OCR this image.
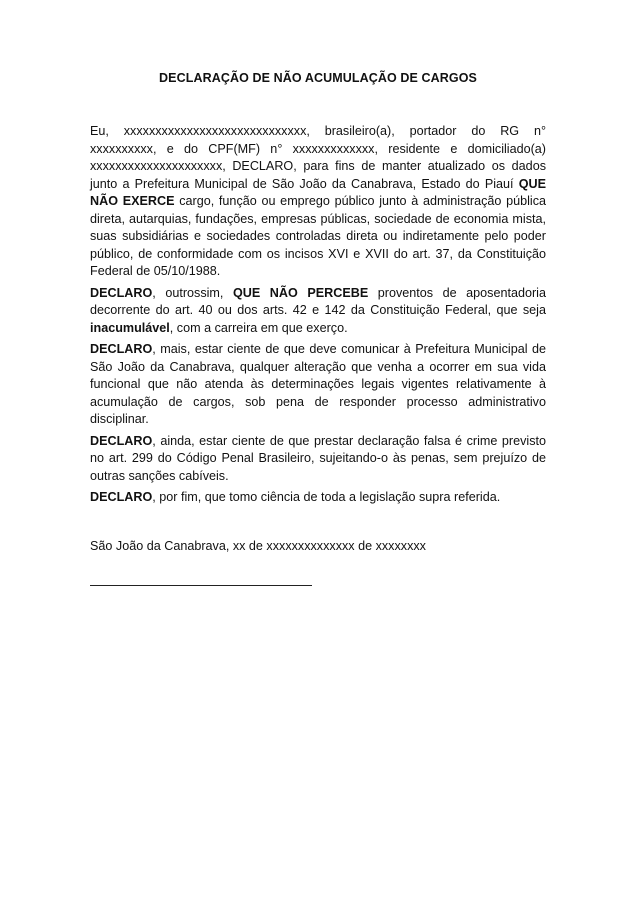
DECLARAÇÃO DE NÃO ACUMULAÇÃO DE CARGOS

Eu, xxxxxxxxxxxxxxxxxxxxxxxxxxxxx, brasileiro(a), portador do RG n° xxxxxxxxxx, e do CPF(MF) n° xxxxxxxxxxxxx, residente e domiciliado(a) xxxxxxxxxxxxxxxxxxxxx, DECLARO, para fins de manter atualizado os dados junto a Prefeitura Municipal de São João da Canabrava, Estado do Piauí QUE NÃO EXERCE cargo, função ou emprego público junto à administração pública direta, autarquias, fundações, empresas públicas, sociedade de economia mista, suas subsidiárias e sociedades controladas direta ou indiretamente pelo poder público, de conformidade com os incisos XVI e XVII do art. 37, da Constituição Federal de 05/10/1988.

DECLARO, outrossim, QUE NÃO PERCEBE proventos de aposentadoria decorrente do art. 40 ou dos arts. 42 e 142 da Constituição Federal, que seja inacumulável, com a carreira em que exerço.

DECLARO, mais, estar ciente de que deve comunicar à Prefeitura Municipal de São João da Canabrava, qualquer alteração que venha a ocorrer em sua vida funcional que não atenda às determinações legais vigentes relativamente à acumulação de cargos, sob pena de responder processo administrativo disciplinar.

DECLARO, ainda, estar ciente de que prestar declaração falsa é crime previsto no art. 299 do Código Penal Brasileiro, sujeitando-o às penas, sem prejuízo de outras sanções cabíveis.

DECLARO, por fim, que tomo ciência de toda a legislação supra referida.

São João da Canabrava, xx de xxxxxxxxxxxxxx de xxxxxxxx
